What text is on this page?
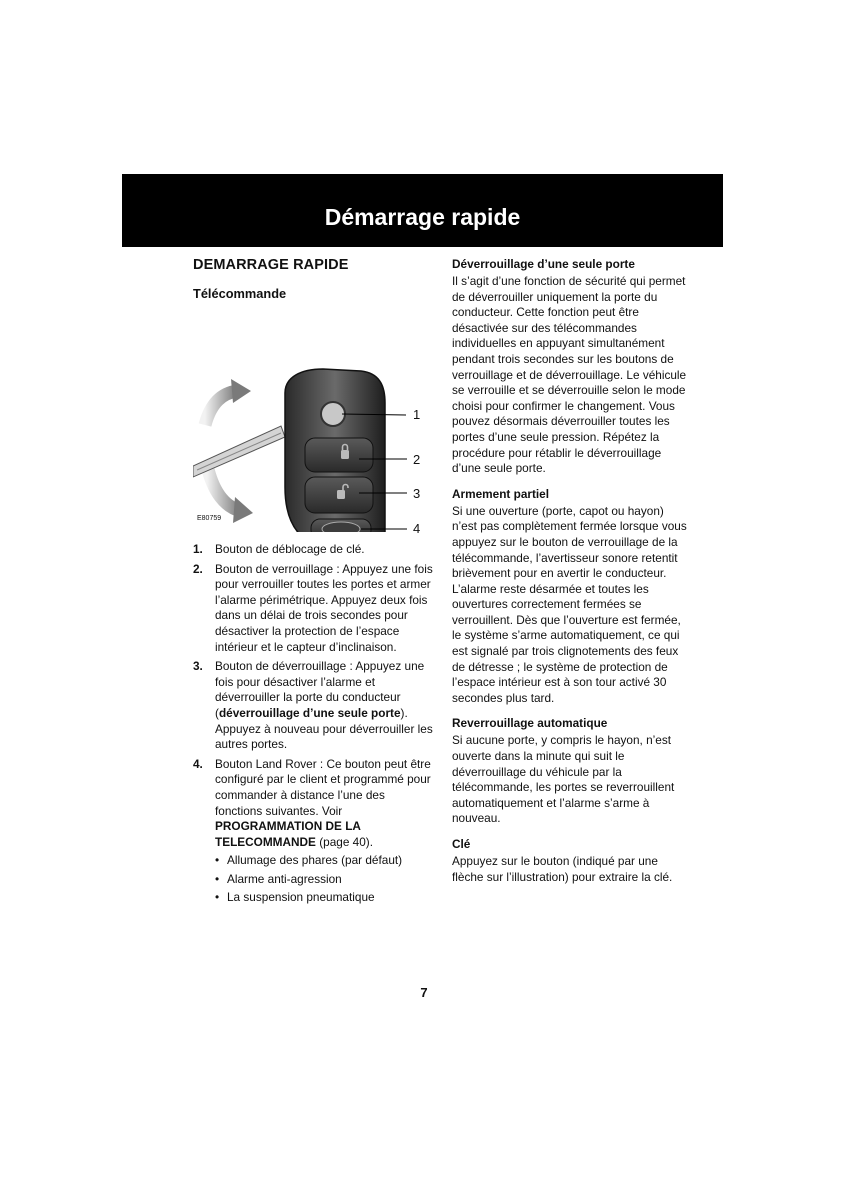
Démarrage rapide
DEMARRAGE RAPIDE
Télécommande
1
2
3
4
E80759
1. Bouton de déblocage de clé.
2. Bouton de verrouillage : Appuyez une fois pour verrouiller toutes les portes et armer l’alarme périmétrique. Appuyez deux fois dans un délai de trois secondes pour désactiver la protection de l’espace intérieur et le capteur d’inclinaison.
3. Bouton de déverrouillage : Appuyez une fois pour désactiver l’alarme et déverrouiller la porte du conducteur (déverrouillage d’une seule porte). Appuyez à nouveau pour déverrouiller les autres portes.
4. Bouton Land Rover : Ce bouton peut être configuré par le client et programmé pour commander à distance l’une des fonctions suivantes. Voir PROGRAMMATION DE LA TELECOMMANDE (page 40).
• Allumage des phares (par défaut)
• Alarme anti-agression
• La suspension pneumatique
Déverrouillage d’une seule porte
Il s’agit d’une fonction de sécurité qui permet de déverrouiller uniquement la porte du conducteur. Cette fonction peut être désactivée sur des télécommandes individuelles en appuyant simultanément pendant trois secondes sur les boutons de verrouillage et de déverrouillage. Le véhicule se verrouille et se déverrouille selon le mode choisi pour confirmer le changement. Vous pouvez désormais déverrouiller toutes les portes d’une seule pression. Répétez la procédure pour rétablir le déverrouillage d’une seule porte.
Armement partiel
Si une ouverture (porte, capot ou hayon) n’est pas complètement fermée lorsque vous appuyez sur le bouton de verrouillage de la télécommande, l’avertisseur sonore retentit brièvement pour en avertir le conducteur. L’alarme reste désarmée et toutes les ouvertures correctement fermées se verrouillent. Dès que l’ouverture est fermée, le système s’arme automatiquement, ce qui est signalé par trois clignotements des feux de détresse ; le système de protection de l’espace intérieur est à son tour activé 30 secondes plus tard.
Reverrouillage automatique
Si aucune porte, y compris le hayon, n’est ouverte dans la minute qui suit le déverrouillage du véhicule par la télécommande, les portes se reverrouillent automatiquement et l’alarme s’arme à nouveau.
Clé
Appuyez sur le bouton (indiqué par une flèche sur l’illustration) pour extraire la clé.
7
